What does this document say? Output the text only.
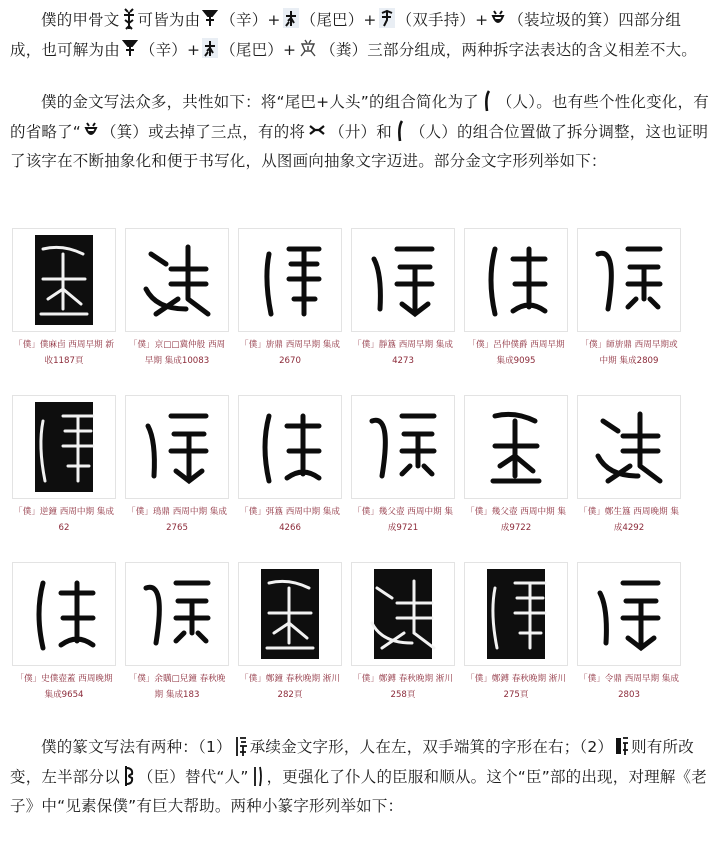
僕的甲骨文 可皆为由 （辛）+ （尾巴）+ （双手持）+ （装垃圾的箕）四部分组成，也可解为由 （辛）+ （尾巴）+ （粪）三部分组成，两种拆字法表达的含义相差不大。

僕的金文写法众多，共性如下：将“尾巴+人头”的组合简化为了 （人）。也有些个性化变化，有的省略了“ （箕）或去掉了三点，有的将 （廾）和 （人）的组合位置做了拆分调整，这也证明了该字在不断抽象化和便于书写化，从图画向抽象文字迈进。部分金文字形列举如下：

「僕」僕麻卣 西周早期 新收1187頁
「僕」京□□冀仲般 西周早期 集成10083
「僕」旂鼎 西周早期 集成2670
「僕」靜簋 西周早期 集成4273
「僕」呂仲僕爵 西周早期 集成9095
「僕」師旂鼎 西周早期或中期 集成2809
「僕」逆鐘 西周中期 集成62
「僕」鳿鼎 西周中期 集成2765
「僕」弭簋 西周中期 集成4266
「僕」幾父壺 西周中期 集成9721
「僕」幾父壺 西周中期 集成9722
「僕」鄭生簋 西周晚期 集成4292
「僕」史僕壺蓋 西周晚期 集成9654
「僕」余贎□兒鐘 春秋晚期 集成183
「僕」鄭鐘 春秋晚期 淅川282頁
「僕」鄭鎛 春秋晚期 淅川258頁
「僕」鄭鎛 春秋晚期 淅川275頁
「僕」令鼎 西周早期 集成2803

僕的篆文写法有两种：（1） 承续金文字形，人在左，双手端箕的字形在右；（2） 则有所改变，左半部分以 （臣）替代“人” ，更强化了仆人的臣服和顺从。这个“臣”部的出现，对理解《老子》中“见素保僕”有巨大帮助。两种小篆字形列举如下：
